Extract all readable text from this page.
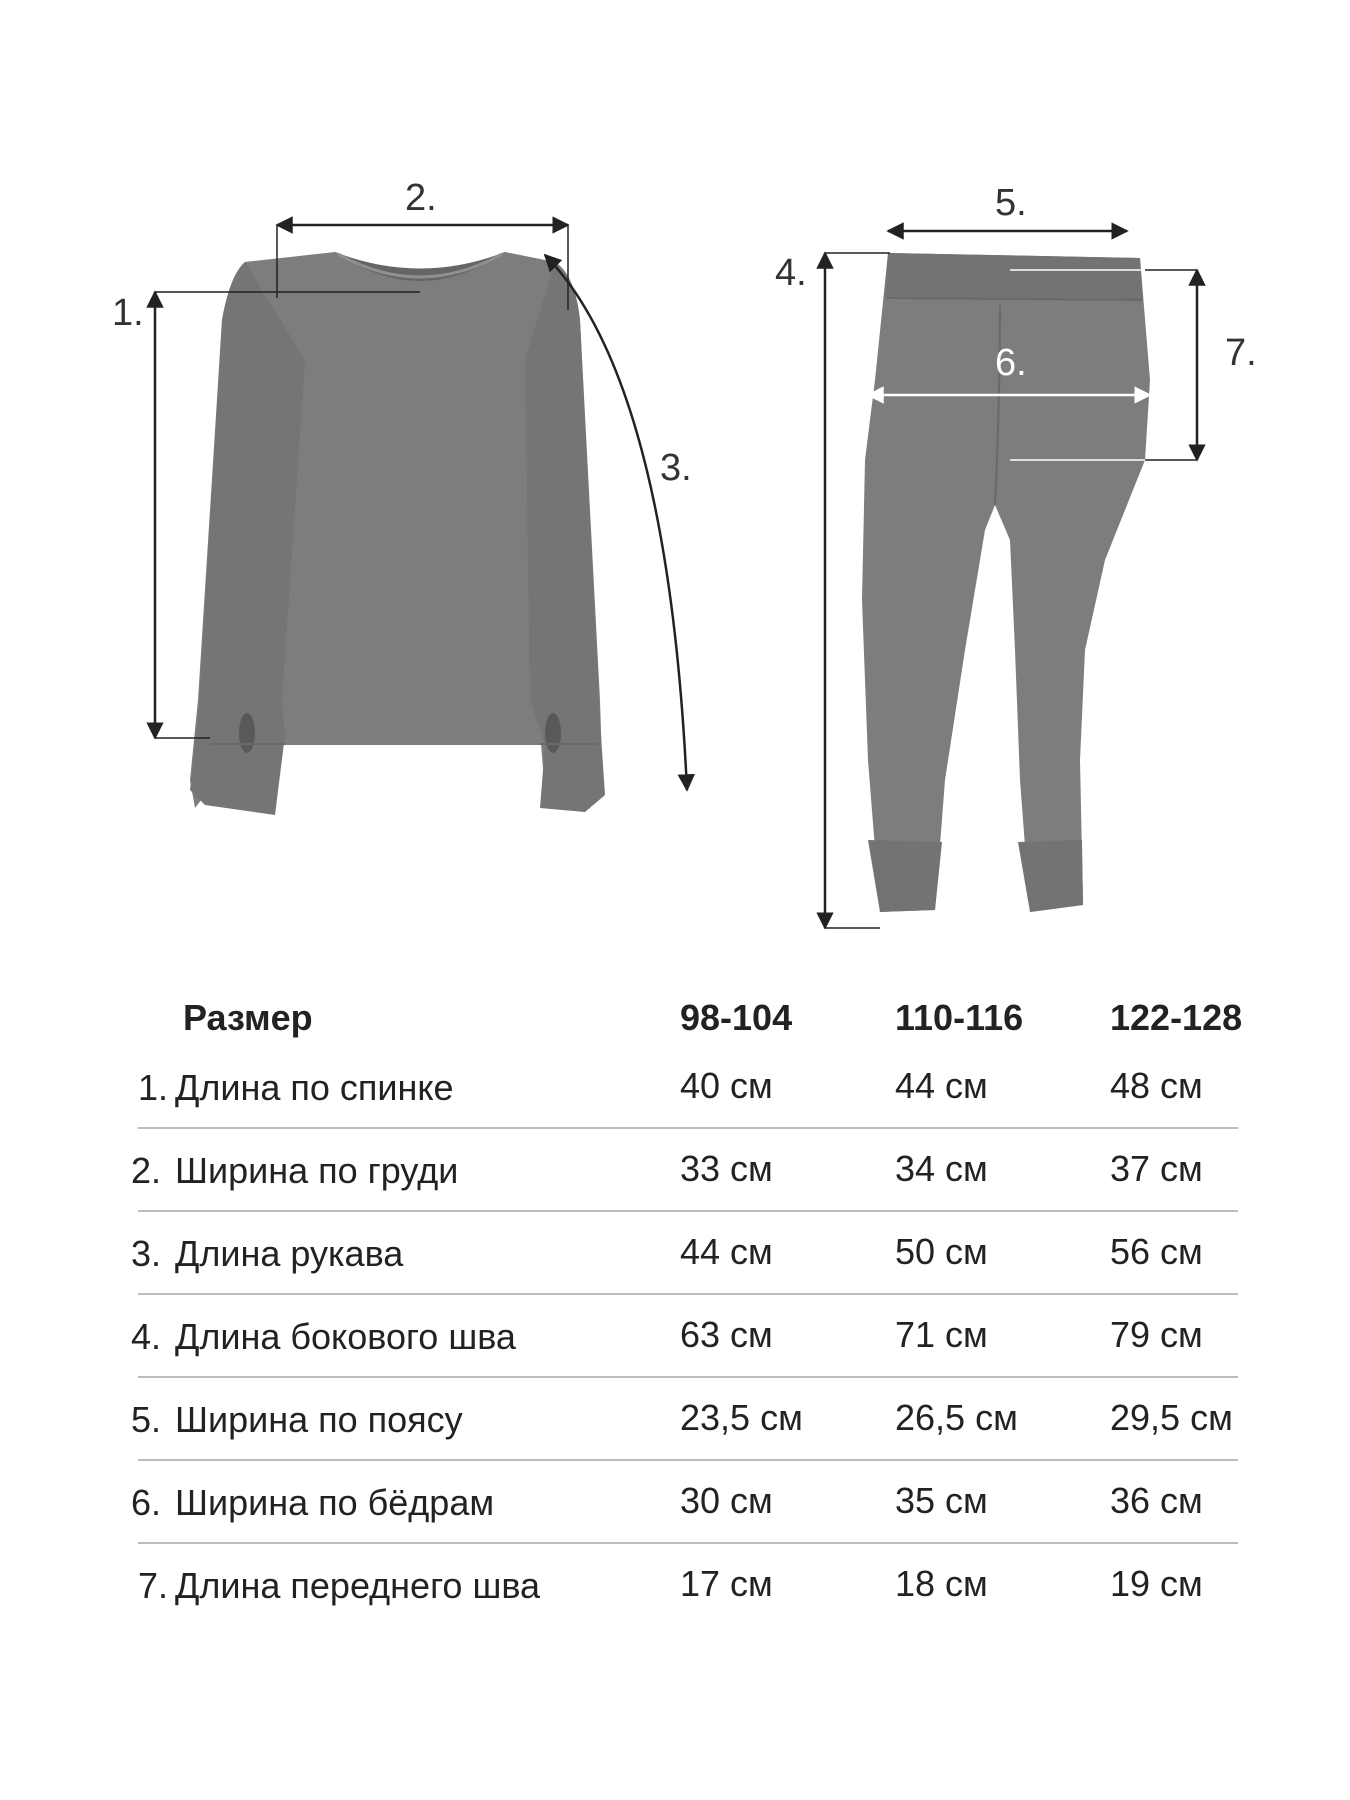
1.
2.
3.
4.
5.
6.	7.
Размер	98-104	110-116 122-128
1. Длина по спинке	40 см	44 см	48 см
2. Ширина по груди	33 см	34 см	37 см
3. Длина рукава	44 см	50 см	56 см
4. Длина бокового шва	63 см	71 см	79 см
5. Ширина по поясу	23,5 см	26,5 см	29,5 см
6. Ширина по бёдрам	30 см	35 см	36 см
7. Длина переднего шва	17 см	18 см	19 см
